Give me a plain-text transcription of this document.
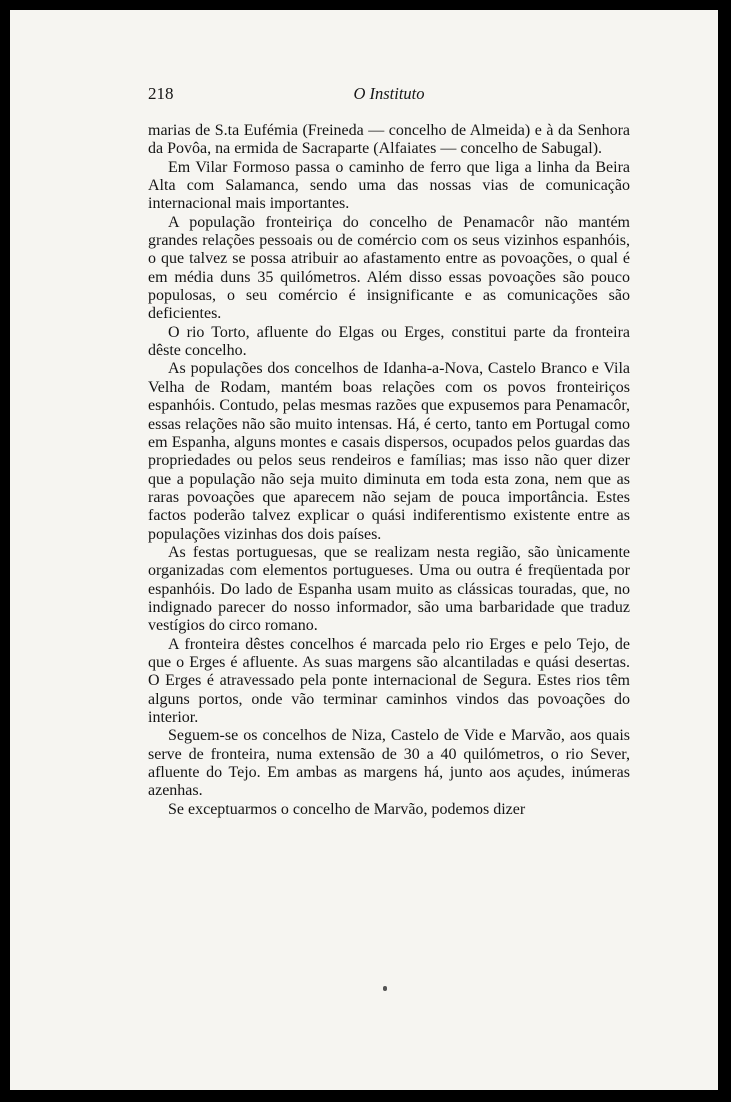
218	O Instituto

marias de S.ta Eufémia (Freineda — concelho de Almeida) e à da Senhora da Povôa, na ermida de Sacraparte (Alfaiates — concelho de Sabugal).

Em Vilar Formoso passa o caminho de ferro que liga a linha da Beira Alta com Salamanca, sendo uma das nossas vias de comunicação internacional mais importantes.

A população fronteiriça do concelho de Penamacôr não mantém grandes relações pessoais ou de comércio com os seus vizinhos espanhóis, o que talvez se possa atribuir ao afastamento entre as povoações, o qual é em média duns 35 quilómetros. Além disso essas povoações são pouco populosas, o seu comércio é insignificante e as comunicações são deficientes.

O rio Torto, afluente do Elgas ou Erges, constitui parte da fronteira dêste concelho.

As populações dos concelhos de Idanha-a-Nova, Castelo Branco e Vila Velha de Rodam, mantém boas relações com os povos fronteiriços espanhóis. Contudo, pelas mesmas razões que expusemos para Penamacôr, essas relações não são muito intensas. Há, é certo, tanto em Portugal como em Espanha, alguns montes e casais dispersos, ocupados pelos guardas das propriedades ou pelos seus rendeiros e famílias; mas isso não quer dizer que a população não seja muito diminuta em toda esta zona, nem que as raras povoações que aparecem não sejam de pouca importância. Estes factos poderão talvez explicar o quási indiferentismo existente entre as populações vizinhas dos dois países.

As festas portuguesas, que se realizam nesta região, são ùnicamente organizadas com elementos portugueses. Uma ou outra é freqüentada por espanhóis. Do lado de Espanha usam muito as clássicas touradas, que, no indignado parecer do nosso informador, são uma barbaridade que traduz vestígios do circo romano.

A fronteira dêstes concelhos é marcada pelo rio Erges e pelo Tejo, de que o Erges é afluente. As suas margens são alcantiladas e quási desertas. O Erges é atravessado pela ponte internacional de Segura. Estes rios têm alguns portos, onde vão terminar caminhos vindos das povoações do interior.

Seguem-se os concelhos de Niza, Castelo de Vide e Marvão, aos quais serve de fronteira, numa extensão de 30 a 40 quilómetros, o rio Sever, afluente do Tejo. Em ambas as margens há, junto aos açudes, inúmeras azenhas.

Se exceptuarmos o concelho de Marvão, podemos dizer
